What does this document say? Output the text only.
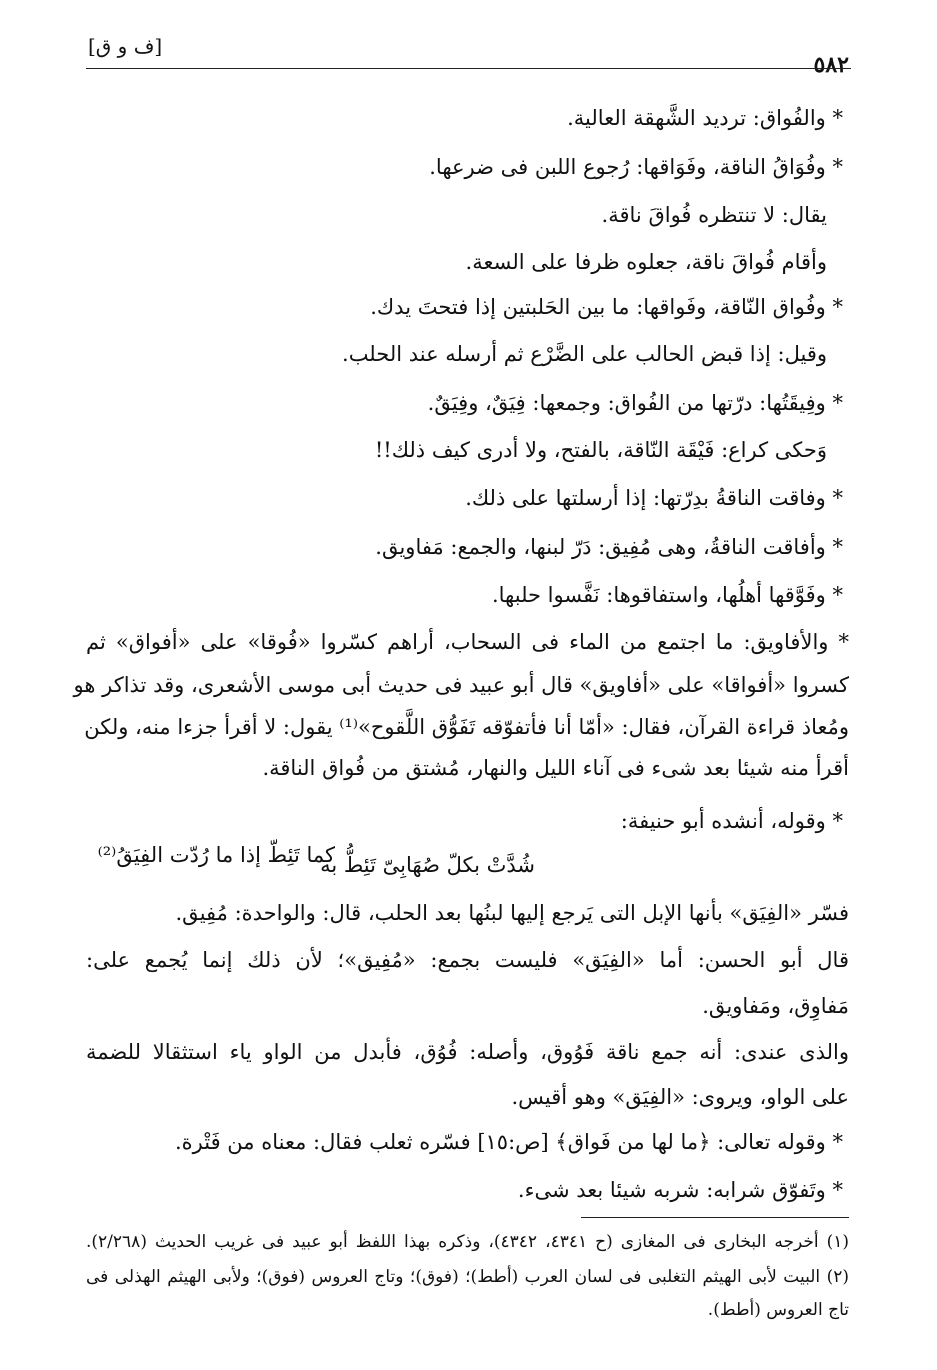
[ف و ق]
٥٨٢
* والفُواق: ترديد الشَّهقة العالية.
* وفُوَاقُ الناقة، وفَوَاقها: رُجوع اللبن فى ضرعها.
يقال: لا تنتظره فُواقَ ناقة.
وأقام فُواقَ ناقة، جعلوه ظرفا على السعة.
* وفُواق النّاقة، وفَواقها: ما بين الحَلبتين إذا فتحتَ يدك.
وقيل: إذا قبض الحالب على الضَّرْع ثم أرسله عند الحلب.
* وفِيقَتُها: درّتها من الفُواق: وجمعها: فِيَقٌ، وفِيَقٌ.
وَحكى كراع: فَيْقَة النّاقة، بالفتح، ولا أدرى كيف ذلك!!
* وفاقت الناقةُ بدِرّتها: إذا أرسلتها على ذلك.
* وأفاقت الناقةُ، وهى مُفِيق: دَرّ لبنها، والجمع: مَفاويق.
* وفَوَّقها أهلُها، واستفاقوها: نَفَّسوا حلبها.
* والأفاويق: ما اجتمع من الماء فى السحاب، أراهم كسّروا «فُوقا» على «أفواق» ثم
كسروا «أفواقا» على «أفاويق» قال أبو عبيد فى حديث أبى موسى الأشعرى، وقد تذاكر هو
ومُعاذ قراءة القرآن، فقال: «أمّا أنا فأتفوّقه تَفَوُّق اللَّقوح»⁽¹⁾ يقول: لا أقرأ جزءا منه، ولكن
أقرأ منه شيئا بعد شىء فى آناء الليل والنهار، مُشتق من فُواق الناقة.
* وقوله، أنشده أبو حنيفة:
شُدَّتْ بكلّ صُهَابِىّ تَئِطُّ به
كما تَئِطّ إذا ما رُدّت الفِيَقُ⁽²⁾
فسّر «الفِيَق» بأنها الإبل التى يَرجع إليها لبنُها بعد الحلب، قال: والواحدة: مُفِيق.
قال أبو الحسن: أما «الفِيَق» فليست بجمع: «مُفِيق»؛ لأن ذلك إنما يُجمع على:
مَفاوِق، ومَفاويق.
والذى عندى: أنه جمع ناقة فَوُوق، وأصله: فُوُق، فأبدل من الواو ياء استثقالا للضمة
على الواو، ويروى: «الفِيَق» وهو أقيس.
* وقوله تعالى: ﴿ما لها من فَواق﴾ [ص:١٥] فسّره ثعلب فقال: معناه من فَتْرة.
* وتَفوّق شرابه: شربه شيئا بعد شىء.
(١) أخرجه البخارى فى المغازى (ح ٤٣٤١، ٤٣٤٢)، وذكره بهذا اللفظ أبو عبيد فى غريب الحديث (٢/٢٦٨).
(٢) البيت لأبى الهيثم التغلبى فى لسان العرب (أطط)؛ (فوق)؛ وتاج العروس (فوق)؛ ولأبى الهيثم الهذلى فى
تاج العروس (أطط).
